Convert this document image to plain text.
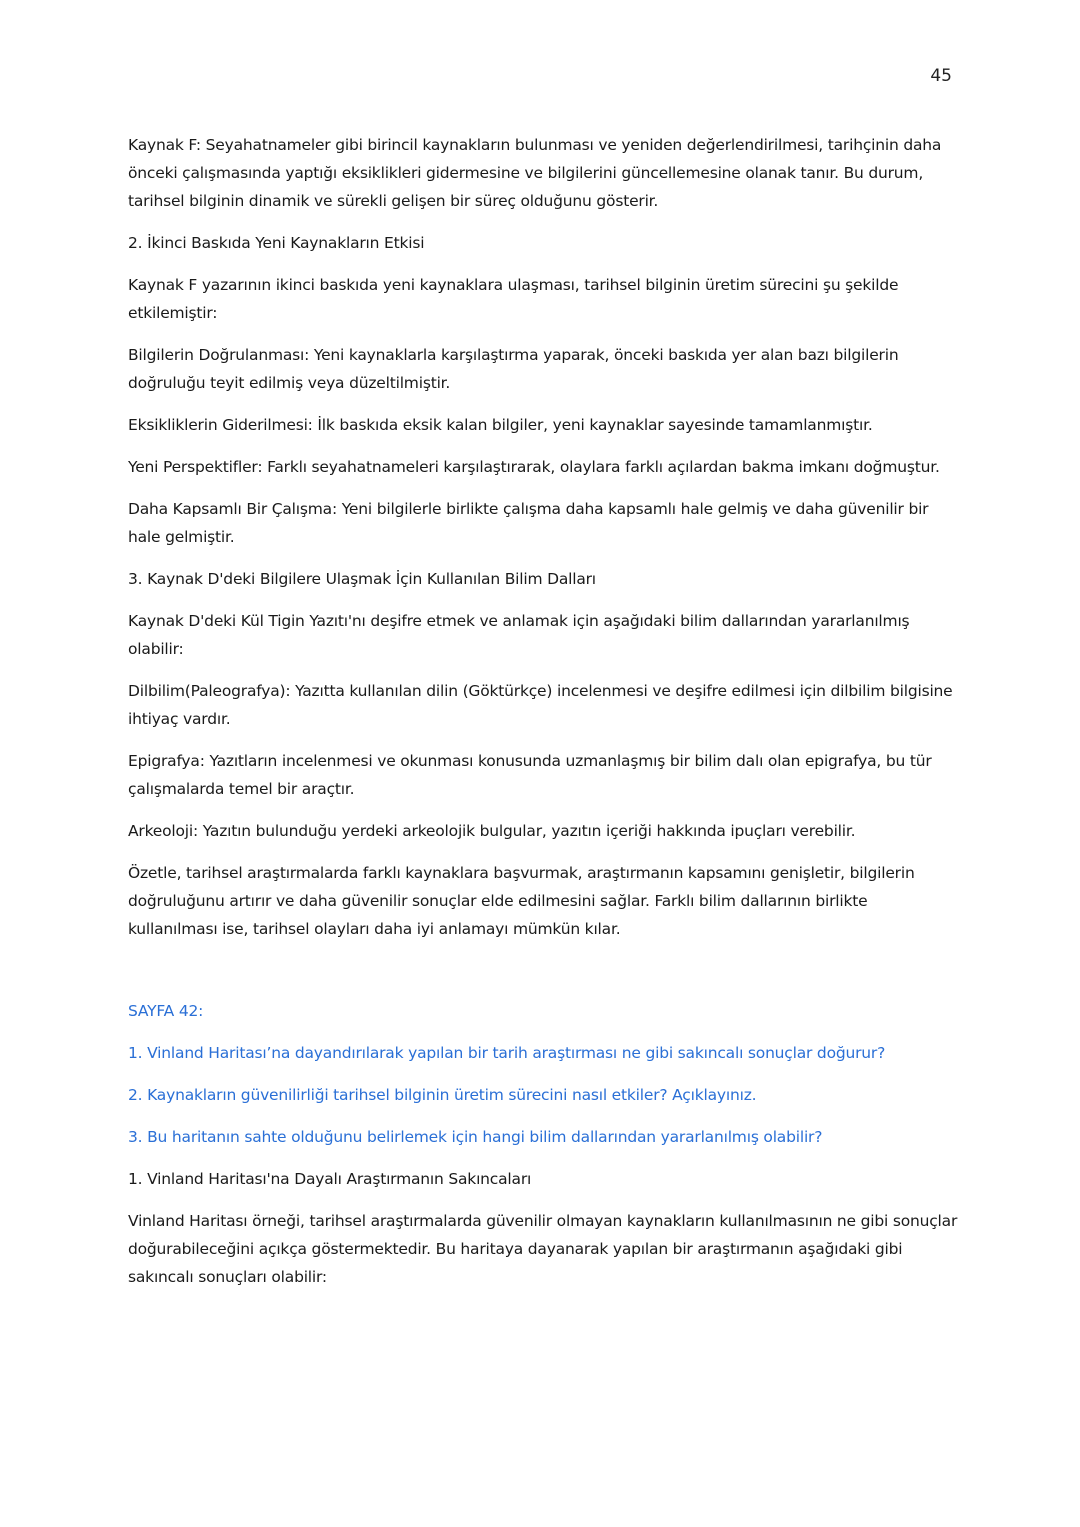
45

Kaynak F: Seyahatnameler gibi birincil kaynakların bulunması ve yeniden değerlendirilmesi, tarihçinin daha önceki çalışmasında yaptığı eksiklikleri gidermesine ve bilgilerini güncellemesine olanak tanır. Bu durum, tarihsel bilginin dinamik ve sürekli gelişen bir süreç olduğunu gösterir.

2. İkinci Baskıda Yeni Kaynakların Etkisi

Kaynak F yazarının ikinci baskıda yeni kaynaklara ulaşması, tarihsel bilginin üretim sürecini şu şekilde etkilemiştir:

Bilgilerin Doğrulanması: Yeni kaynaklarla karşılaştırma yaparak, önceki baskıda yer alan bazı bilgilerin doğruluğu teyit edilmiş veya düzeltilmiştir.

Eksikliklerin Giderilmesi: İlk baskıda eksik kalan bilgiler, yeni kaynaklar sayesinde tamamlanmıştır.

Yeni Perspektifler: Farklı seyahatnameleri karşılaştırarak, olaylara farklı açılardan bakma imkanı doğmuştur.

Daha Kapsamlı Bir Çalışma: Yeni bilgilerle birlikte çalışma daha kapsamlı hale gelmiş ve daha güvenilir bir hale gelmiştir.

3. Kaynak D'deki Bilgilere Ulaşmak İçin Kullanılan Bilim Dalları

Kaynak D'deki Kül Tigin Yazıtı'nı deşifre etmek ve anlamak için aşağıdaki bilim dallarından yararlanılmış olabilir:

Dilbilim(Paleografya): Yazıtta kullanılan dilin (Göktürkçe) incelenmesi ve deşifre edilmesi için dilbilim bilgisine ihtiyaç vardır.

Epigrafya: Yazıtların incelenmesi ve okunması konusunda uzmanlaşmış bir bilim dalı olan epigrafya, bu tür çalışmalarda temel bir araçtır.

Arkeoloji: Yazıtın bulunduğu yerdeki arkeolojik bulgular, yazıtın içeriği hakkında ipuçları verebilir.

Özetle, tarihsel araştırmalarda farklı kaynaklara başvurmak, araştırmanın kapsamını genişletir, bilgilerin doğruluğunu artırır ve daha güvenilir sonuçlar elde edilmesini sağlar. Farklı bilim dallarının birlikte kullanılması ise, tarihsel olayları daha iyi anlamayı mümkün kılar.

SAYFA 42:

1. Vinland Haritası’na dayandırılarak yapılan bir tarih araştırması ne gibi sakıncalı sonuçlar doğurur?

2. Kaynakların güvenilirliği tarihsel bilginin üretim sürecini nasıl etkiler? Açıklayınız.

3. Bu haritanın sahte olduğunu belirlemek için hangi bilim dallarından yararlanılmış olabilir?

1. Vinland Haritası'na Dayalı Araştırmanın Sakıncaları

Vinland Haritası örneği, tarihsel araştırmalarda güvenilir olmayan kaynakların kullanılmasının ne gibi sonuçlar doğurabileceğini açıkça göstermektedir. Bu haritaya dayanarak yapılan bir araştırmanın aşağıdaki gibi sakıncalı sonuçları olabilir:
